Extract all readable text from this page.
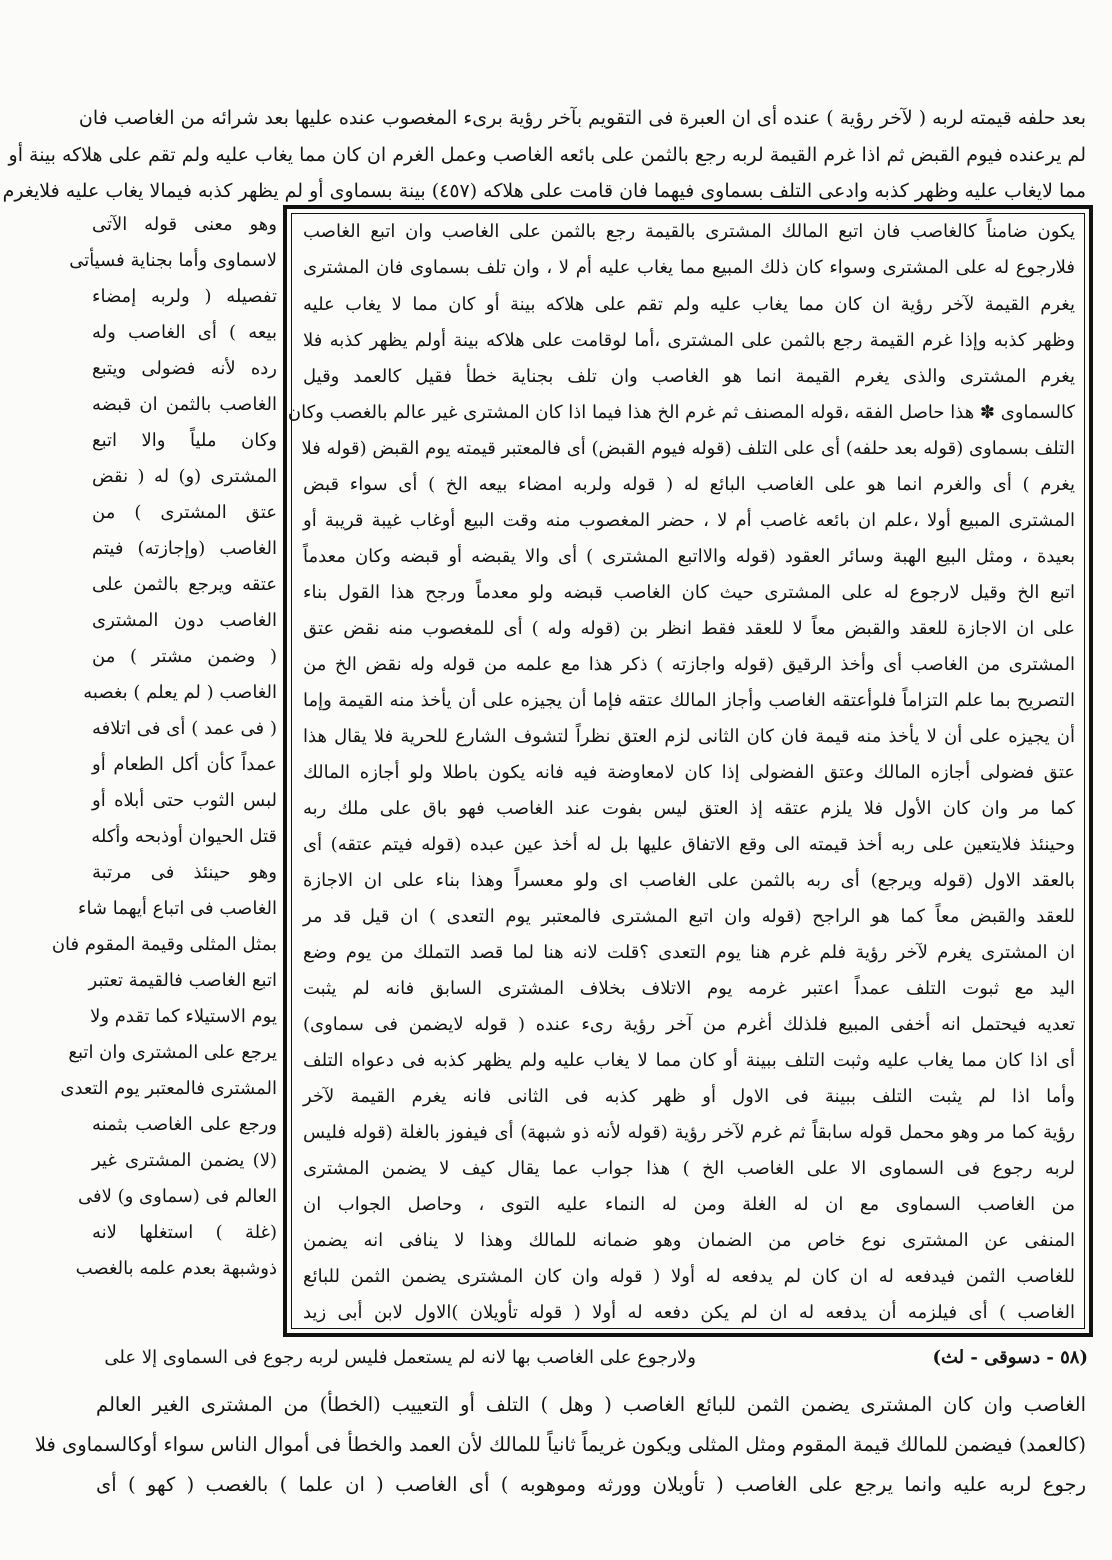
بعد حلفه قيمته لربه ( لآخر رؤية ) عنده أى ان العبرة فى التقويم بآخر رؤية برىء المغصوب عنده عليها بعد شرائه من الغاصب فان
لم يرعنده فيوم القبض ثم اذا غرم القيمة لربه رجع بالثمن على بائعه الغاصب وعمل الغرم ان كان مما يغاب عليه ولم تقم على هلاكه بينة أو
مما لايغاب عليه وظهر كذبه وادعى التلف بسماوى فيهما فان قامت على هلاكه (٤٥٧) بينة بسماوى أو لم يظهر كذبه فيمالا يغاب عليه فلايغرم
يكون ضامناً كالغاصب فان اتبع المالك المشترى بالقيمة رجع بالثمن على الغاصب وان اتبع الغاصب
فلارجوع له على المشترى وسواء كان ذلك المبيع مما يغاب عليه أم لا ، وان تلف بسماوى فان المشترى
يغرم القيمة لآخر رؤية ان كان مما يغاب عليه ولم تقم على هلاكه بينة أو كان مما لا يغاب عليه
وظهر كذبه وإذا غرم القيمة رجع بالثمن على المشترى ،أما لوقامت على هلاكه بينة أولم يظهر كذبه فلا
يغرم المشترى والذى يغرم القيمة انما هو الغاصب وان تلف بجناية خطأ فقيل كالعمد وقيل
كالسماوى ✽ هذا حاصل الفقه ،قوله المصنف ثم غرم الخ هذا فيما اذا كان المشترى غير عالم بالغصب وكان
التلف بسماوى (قوله بعد حلفه) أى على التلف (قوله فيوم القبض) أى فالمعتبر قيمته يوم القبض (قوله فلا
يغرم ) أى والغرم انما هو على الغاصب البائع له ( قوله ولربه امضاء بيعه الخ ) أى سواء قبض
المشترى المبيع أولا ،علم ان بائعه غاصب أم لا ، حضر المغصوب منه وقت البيع أوغاب غيبة قريبة أو
بعيدة ، ومثل البيع الهبة وسائر العقود (قوله والااتبع المشترى ) أى والا يقبضه أو قبضه وكان معدماً
اتبع الخ وقيل لارجوع له على المشترى حيث كان الغاصب قبضه ولو معدماً ورجح هذا القول بناء
على ان الاجازة للعقد والقبض معاً لا للعقد فقط انظر بن (قوله وله ) أى للمغصوب منه نقض عتق
المشترى من الغاصب أى وأخذ الرقيق (قوله واجازته ) ذكر هذا مع علمه من قوله وله نقض الخ من
التصريح بما علم التزاماً فلوأعتقه الغاصب وأجاز المالك عتقه فإما أن يجيزه على أن يأخذ منه القيمة وإما
أن يجيزه على أن لا يأخذ منه قيمة فان كان الثانى لزم العتق نظراً لتشوف الشارع للحرية فلا يقال هذا
عتق فضولى أجازه المالك وعتق الفضولى إذا كان لامعاوضة فيه فانه يكون باطلا ولو أجازه المالك
كما مر وان كان الأول فلا يلزم عتقه إذ العتق ليس بفوت عند الغاصب فهو باق على ملك ربه
وحينئذ فلايتعين على ربه أخذ قيمته الى وقع الاتفاق عليها بل له أخذ عين عبده (قوله فيتم عتقه) أى
بالعقد الاول (قوله ويرجع) أى ربه بالثمن على الغاصب اى ولو معسراً وهذا بناء على ان الاجازة
للعقد والقبض معاً كما هو الراجح (قوله وان اتبع المشترى فالمعتبر يوم التعدى ) ان قيل قد مر
ان المشترى يغرم لآخر رؤية فلم غرم هنا يوم التعدى ؟قلت لانه هنا لما قصد التملك من يوم وضع
اليد مع ثبوت التلف عمداً اعتبر غرمه يوم الاتلاف بخلاف المشترى السابق فانه لم يثبت
تعديه فيحتمل انه أخفى المبيع فلذلك أغرم من آخر رؤية رىء عنده ( قوله لايضمن فى سماوى)
أى اذا كان مما يغاب عليه وثبت التلف ببينة أو كان مما لا يغاب عليه ولم يظهر كذبه فى دعواه التلف
وأما اذا لم يثبت التلف ببينة فى الاول أو ظهر كذبه فى الثانى فانه يغرم القيمة لآخر
رؤية كما مر وهو محمل قوله سابقاً ثم غرم لآخر رؤية (قوله لأنه ذو شبهة) أى فيفوز بالغلة (قوله فليس
لربه رجوع فى السماوى الا على الغاصب الخ ) هذا جواب عما يقال كيف لا يضمن المشترى
من الغاصب السماوى مع ان له الغلة ومن له النماء عليه التوى ، وحاصل الجواب ان
المنفى عن المشترى نوع خاص من الضمان وهو ضمانه للمالك وهذا لا ينافى انه يضمن
للغاصب الثمن فيدفعه له ان كان لم يدفعه له أولا ( قوله وان كان المشترى يضمن الثمن للبائع
الغاصب ) أى فيلزمه أن يدفعه له ان لم يكن دفعه له أولا ( قوله تأويلان )الاول لابن أبى زيد
وهو معنى قوله الآتى
لاسماوى وأما بجناية فسيأتى
تفصيله ( ولربه إمضاء
بيعه ) أى الغاصب وله
رده لأنه فضولى ويتبع
الغاصب بالثمن ان قبضه
وكان ملياً والا اتبع
المشترى (و) له ( نقض
عتق المشترى ) من
الغاصب (وإجازته) فيتم
عتقه ويرجع بالثمن على
الغاصب دون المشترى
( وضمن مشتر ) من
الغاصب ( لم يعلم ) بغصبه
( فى عمد ) أى فى اتلافه
عمداً كأن أكل الطعام أو
لبس الثوب حتى أبلاه أو
قتل الحيوان أوذبحه وأكله
وهو حينئذ فى مرتبة
الغاصب فى اتباع أيهما شاء
بمثل المثلى وقيمة المقوم فان
اتبع الغاصب فالقيمة تعتبر
يوم الاستيلاء كما تقدم ولا
يرجع على المشترى وان اتبع
المشترى فالمعتبر يوم التعدى
ورجع على الغاصب بثمنه
(لا) يضمن المشترى غير
العالم فى (سماوى و) لافى
(غلة ) استغلها لانه
ذوشبهة بعدم علمه بالغصب
(٥٨ - دسوقى - لث)
ولارجوع على الغاصب بها لانه لم يستعمل فليس لربه رجوع فى السماوى إلا على
الغاصب وان كان المشترى يضمن الثمن للبائع الغاصب ( وهل ) التلف أو التعييب (الخطأ) من المشترى الغير العالم
(كالعمد) فيضمن للمالك قيمة المقوم ومثل المثلى ويكون غريماً ثانياً للمالك لأن العمد والخطأ فى أموال الناس سواء أوكالسماوى فلا
رجوع لربه عليه وانما يرجع على الغاصب ( تأويلان وورثه وموهوبه ) أى الغاصب ( ان علما ) بالغصب ( كهو ) أى
